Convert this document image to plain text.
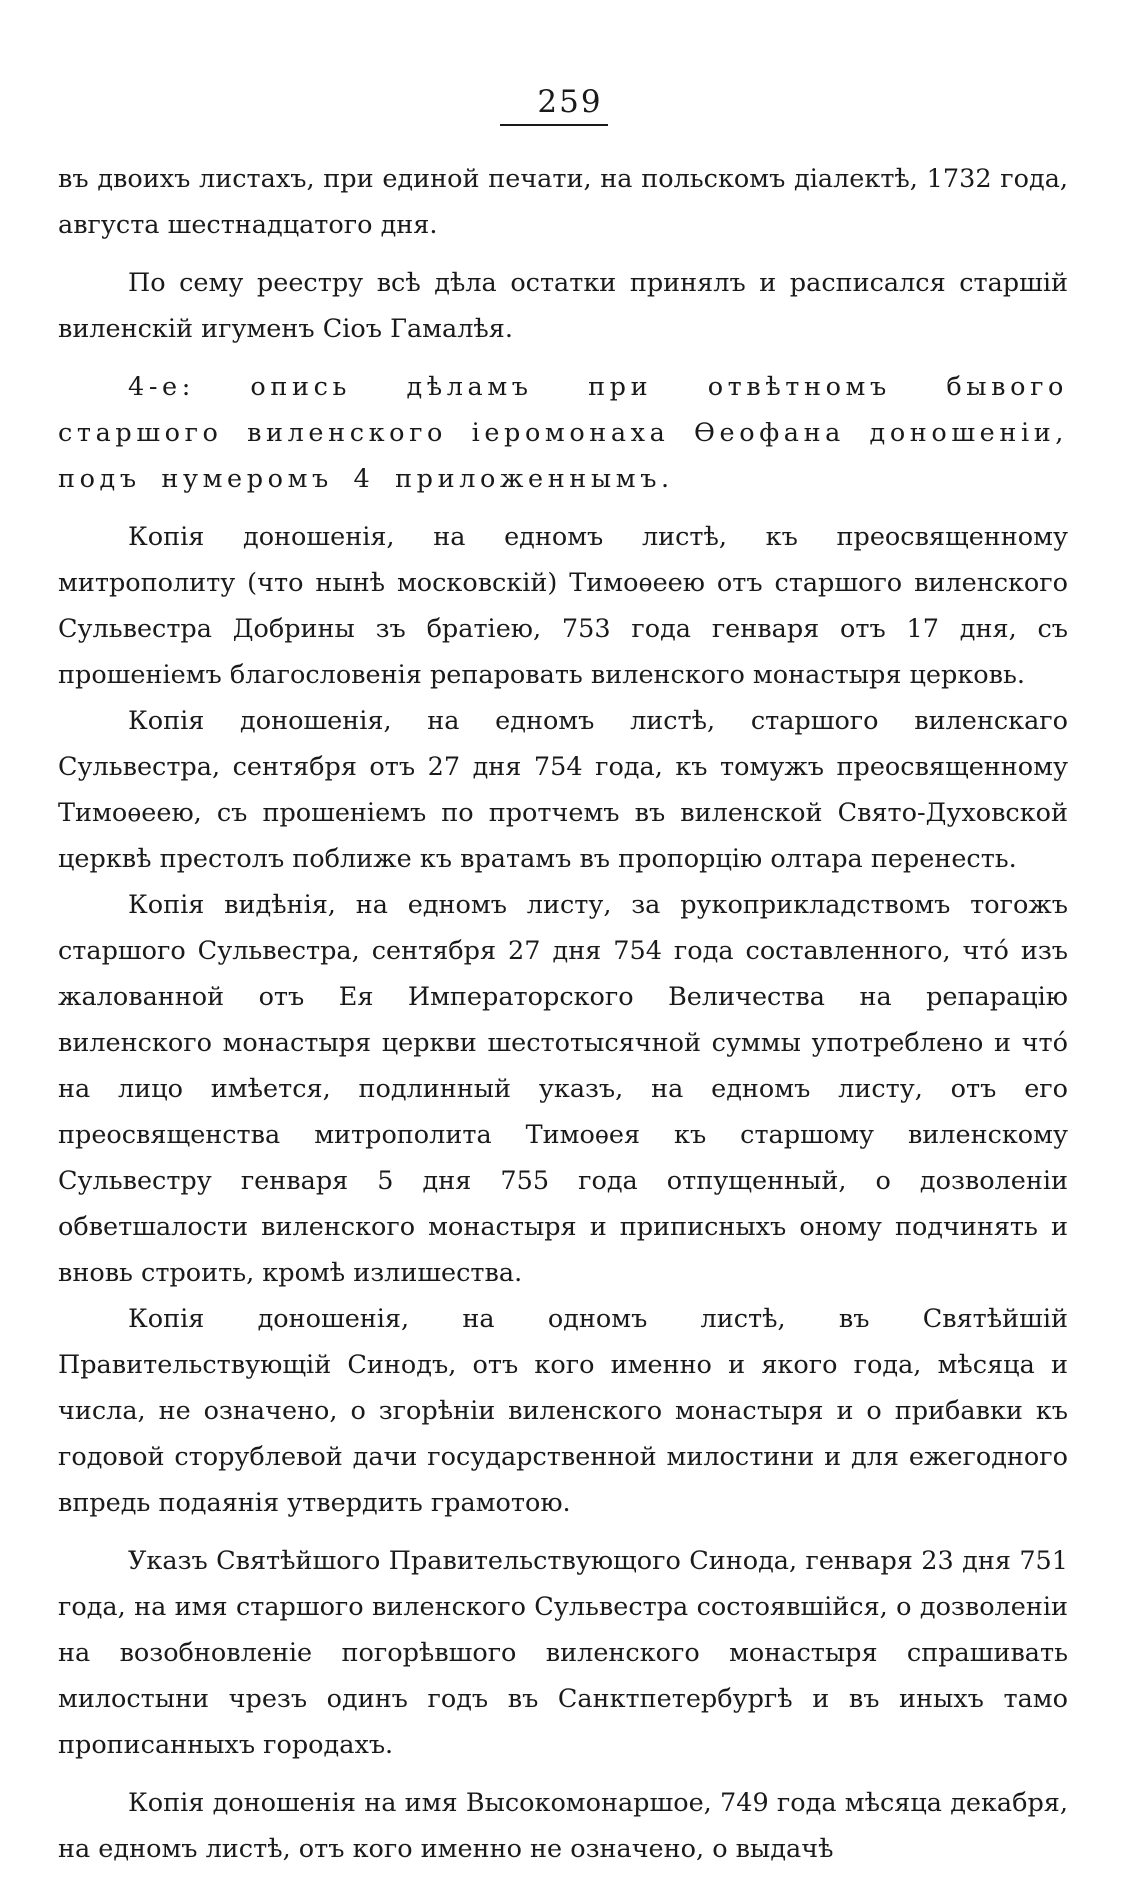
259

въ двоихъ листахъ, при единой печати, на польскомъ діалектѣ, 1732 года, августа шестнадцатого дня.

По сему реестру всѣ дѣла остатки принялъ и расписался старшій виленскій игуменъ Сіоъ Гамалѣя.

4-е: опись дѣламъ при отвѣтномъ бывого старшого виленского іеромонаха Ѳеофана доношеніи, подъ нумеромъ 4 приложеннымъ.

Копія доношенія, на едномъ листѣ, къ преосвященному митрополиту (что нынѣ московскій) Тимоѳеею отъ старшого виленского Сульвестра Добрины зъ братіею, 753 года генваря отъ 17 дня, съ прошеніемъ благословенія репаровать виленского монастыря церковь.

Копія доношенія, на едномъ листѣ, старшого виленскаго Сульвестра, сентября отъ 27 дня 754 года, къ томужъ преосвященному Тимоѳеею, съ прошеніемъ по протчемъ въ виленской Свято-Духовской церквѣ престолъ поближе къ вратамъ въ пропорцію олтара перенесть.

Копія видѣнія, на едномъ листу, за рукоприкладствомъ тогожъ старшого Сульвестра, сентября 27 дня 754 года составленного, что́ изъ жалованной отъ Ея Императорского Величества на репарацію виленского монастыря церкви шестотысячной суммы употреблено и что́ на лицо имѣется, подлинный указъ, на едномъ листу, отъ его преосвященства митрополита Тимоѳея къ старшому виленскому Сульвестру генваря 5 дня 755 года отпущенный, о дозволеніи обветшалости виленского монастыря и приписныхъ оному подчинять и вновь строить, кромѣ излишества.

Копія доношенія, на одномъ листѣ, въ Святѣйшій Правительствующій Синодъ, отъ кого именно и якого года, мѣсяца и числа, не означено, о згорѣніи виленского монастыря и о прибавки къ годовой сторублевой дачи государственной милостини и для ежегодного впредь подаянія утвердить грамотою.

Указъ Святѣйшого Правительствующого Синода, генваря 23 дня 751 года, на имя старшого виленского Сульвестра состоявшійся, о дозволеніи на возобновленіе погорѣвшого виленского монастыря спрашивать милостыни чрезъ одинъ годъ въ Санктпетербургѣ и въ иныхъ тамо прописанныхъ городахъ.

Копія доношенія на имя Высокомонаршое, 749 года мѣсяца декабря, на едномъ листѣ, отъ кого именно не означено, о выдачѣ
